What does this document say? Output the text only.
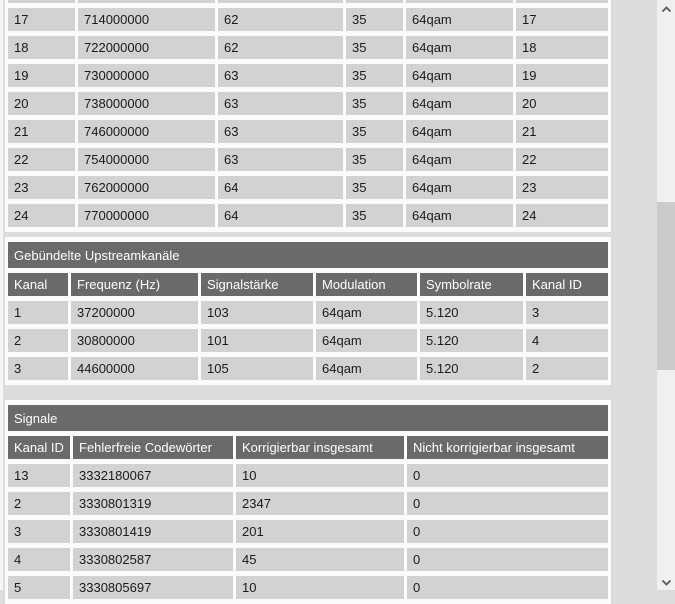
17	714000000	62	35	64qam	17
18	722000000	62	35	64qam	18
19	730000000	63	35	64qam	19
20	738000000	63	35	64qam	20
21	746000000	63	35	64qam	21
22	754000000	63	35	64qam	22
23	762000000	64	35	64qam	23
24	770000000	64	35	64qam	24
Gebündelte Upstreamkanäle					
Kanal	Frequenz (Hz)	Signalstärke	Modulation	Symbolrate	Kanal ID
1	37200000	103	64qam	5.120	3
2	30800000	101	64qam	5.120	4
3	44600000	105	64qam	5.120	2
Signale			
Kanal ID	Fehlerfreie Codewörter	Korrigierbar insgesamt	Nicht korrigierbar insgesamt
13	3332180067	10	0
2	3330801319	2347	0
3	3330801419	201	0
4	3330802587	45	0
5	3330805697	10	0
